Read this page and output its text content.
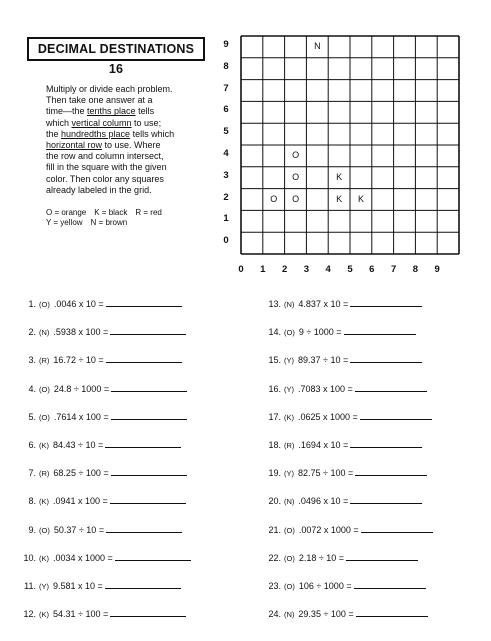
DECIMAL DESTINATIONS 16
Multiply or divide each problem.
Then take one answer at a
time—the tenths place tells
which vertical column to use;
the hundredths place tells which
horizontal row to use. Where
the row and column intersect,
fill in the square with the given
color. Then color any squares
already labeled in the grid.
O = orange K = black R = red
Y = yellow N = brown
9
8
7
6
5
4
3
2
1
0
0	1	2	3	4	5	6	7	8	9
N
O
O	K
O	O	K	K
1. (O) .0046 x 10 =
2. (N) .5938 x 100 =
3. (R) 16.72 ÷ 10 =
4. (O) 24.8 ÷ 1000 =
5. (O) .7614 x 100 =
6. (K) 84.43 ÷ 10 =
7. (R) 68.25 ÷ 100 =
8. (K) .0941 x 100 =
9. (O) 50.37 ÷ 10 =
10. (K) .0034 x 1000 =
11. (Y) 9.581 x 10 =
12. (K) 54.31 ÷ 100 =
13. (N) 4.837 x 10 =
14. (O) 9 ÷ 1000 =
15. (Y) 89.37 ÷ 10 =
16. (Y) .7083 x 100 =
17. (K) .0625 x 1000 =
18. (R) .1694 x 10 =
19. (Y) 82.75 ÷ 100 =
20. (N) .0496 x 10 =
21. (O) .0072 x 1000 =
22. (O) 2.18 ÷ 10 =
23. (O) 106 ÷ 1000 =
24. (N) 29.35 ÷ 100 =
